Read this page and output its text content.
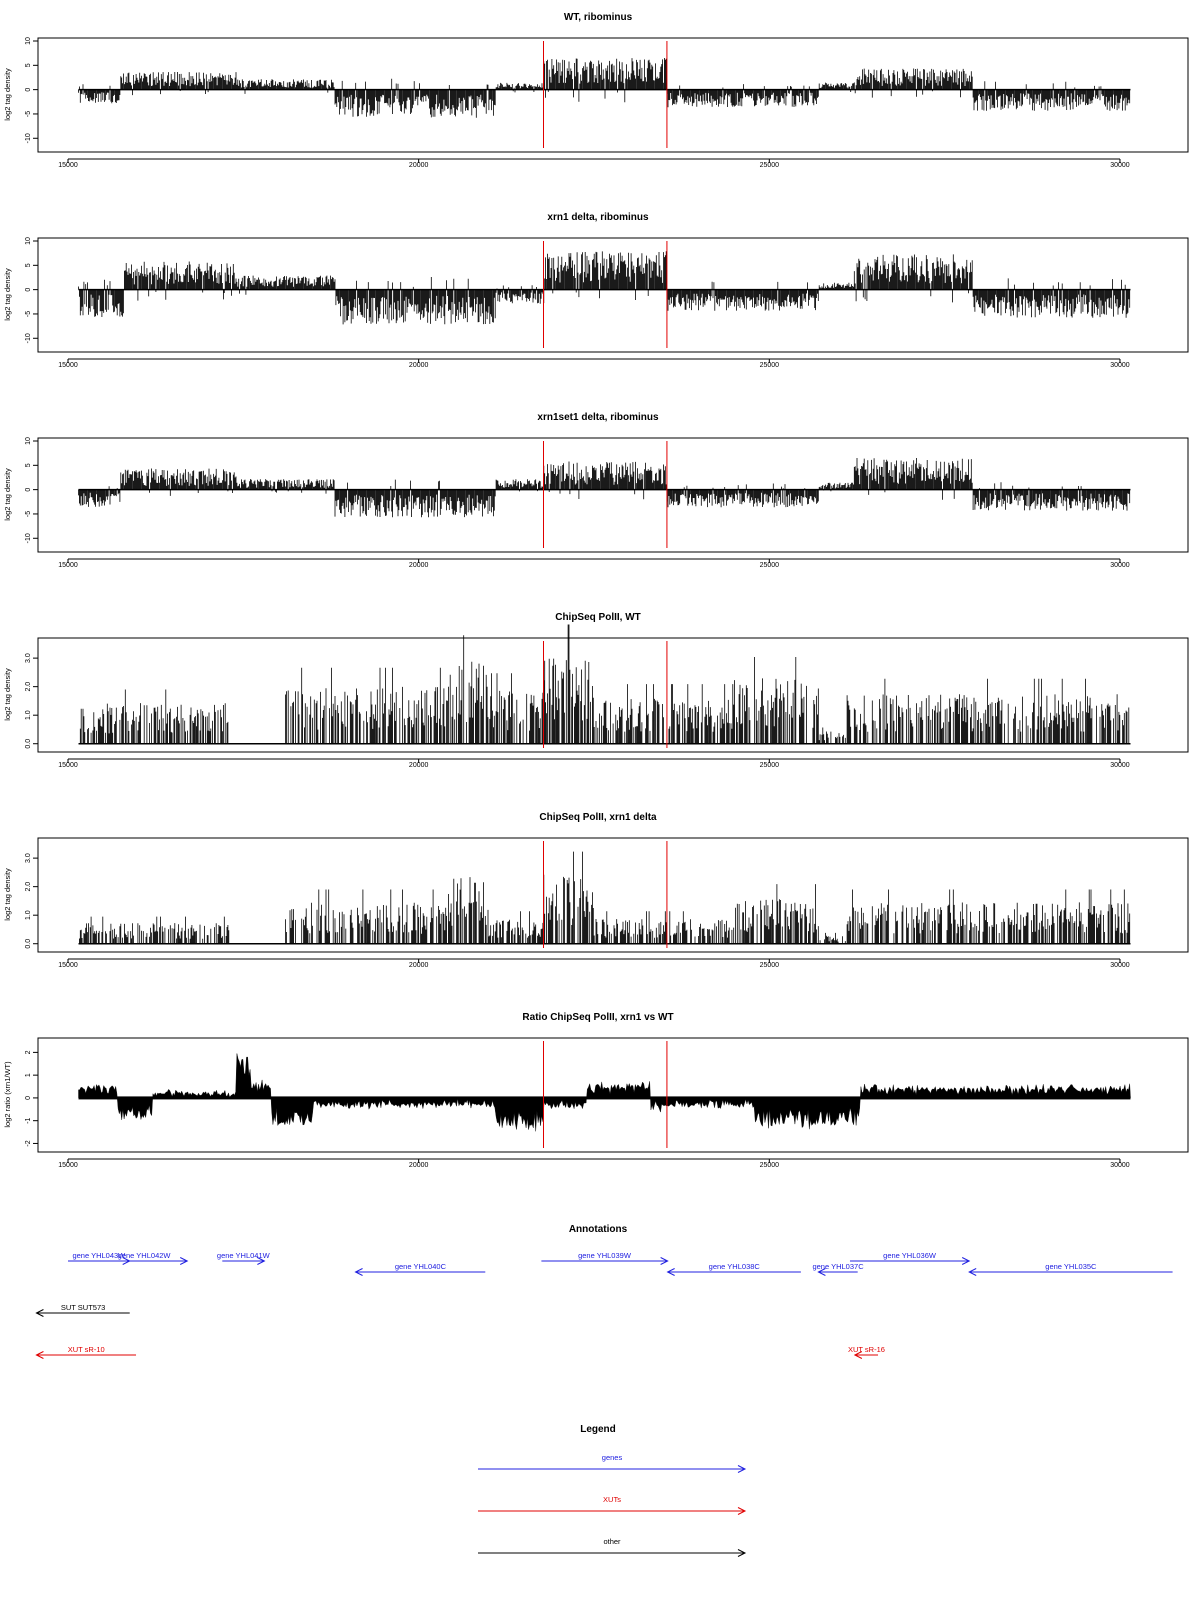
WT, ribominus
10
5
0
-5
-10
log2 tag density
15000	20000	25000	30000
xrn1 delta, ribominus
10
5
0
-5
-10
log2 tag density
15000	20000	25000	30000
xrn1set1 delta, ribominus
10
5
0
-5
-10
log2 tag density
15000	20000	25000	30000
ChipSeq PolII, WT
0.0
1.0
2.0
3.0
log2 tag density
15000	20000	25000	30000
ChipSeq PolII, xrn1 delta
0.0
1.0
2.0
3.0
log2 tag density
15000	20000	25000	30000
Ratio ChipSeq PolII, xrn1 vs WT
2
1
0
-1
-2
log2 ratio (xrn1/WT)
15000	20000	25000	30000
Annotations
gene YHL043W
gene YHL042W	gene YHL041W
gene YHL040C
gene YHL039W
gene YHL038C	gene YHL037C
gene YHL036W
gene YHL035C
SUT SUT573
XUT sR-10	XUT sR-16
Legend
genes
XUTs
other
